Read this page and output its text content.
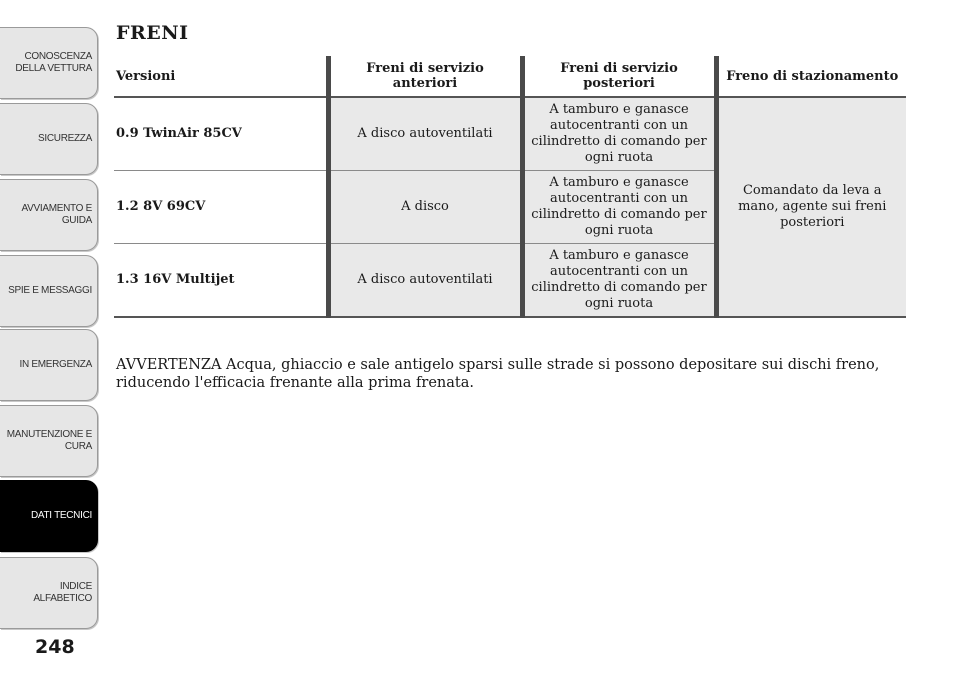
CONOSCENZA
DELLA VETTURA
SICUREZZA
AVVIAMENTO E
GUIDA
SPIE E MESSAGGI
IN EMERGENZA
MANUTENZIONE E
CURA
DATI TECNICI
INDICE
ALFABETICO
248
FRENI
Versioni	Freni di servizio anteriori	Freni di servizio posteriori	Freno di stazionamento
0.9 TwinAir 85CV	A disco autoventilati	A tamburo e ganasce autocentranti con un cilindretto di comando per ogni ruota	Comandato da leva a mano, agente sui freni posteriori
1.2 8V 69CV	A disco	A tamburo e ganasce autocentranti con un cilindretto di comando per ogni ruota	
1.3 16V Multijet	A disco autoventilati	A tamburo e ganasce autocentranti con un cilindretto di comando per ogni ruota	

AVVERTENZA Acqua, ghiaccio e sale antigelo sparsi sulle strade si possono depositare sui dischi freno, riducendo l'efficacia frenante alla prima frenata.
